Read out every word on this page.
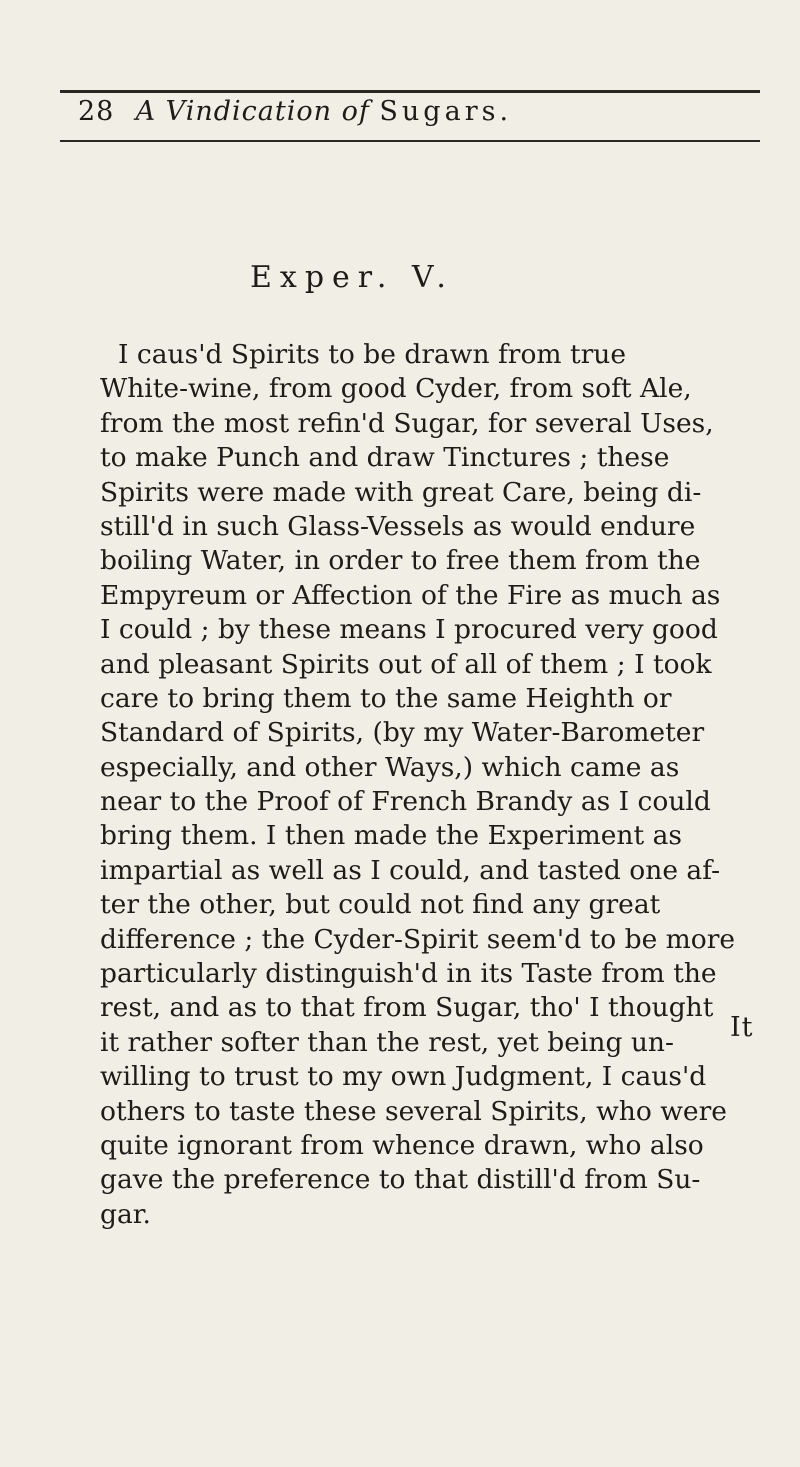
28 A Vindication of Sugars.
Exper. V.
I caus'd Spirits to be drawn from true
White-wine, from good Cyder, from soft Ale,
from the most refin'd Sugar, for several Uses,
to make Punch and draw Tinctures ; these
Spirits were made with great Care, being di-
still'd in such Glass-Vessels as would endure
boiling Water, in order to free them from the
Empyreum or Affection of the Fire as much as
I could ; by these means I procured very good
and pleasant Spirits out of all of them ; I took
care to bring them to the same Heighth or
Standard of Spirits, (by my Water-Barometer
especially, and other Ways,) which came as
near to the Proof of French Brandy as I could
bring them. I then made the Experiment as
impartial as well as I could, and tasted one af-
ter the other, but could not find any great
difference ; the Cyder-Spirit seem'd to be more
particularly distinguish'd in its Taste from the
rest, and as to that from Sugar, tho' I thought
it rather softer than the rest, yet being un-
willing to trust to my own Judgment, I caus'd
others to taste these several Spirits, who were
quite ignorant from whence drawn, who also
gave the preference to that distill'd from Su-
gar.
It
